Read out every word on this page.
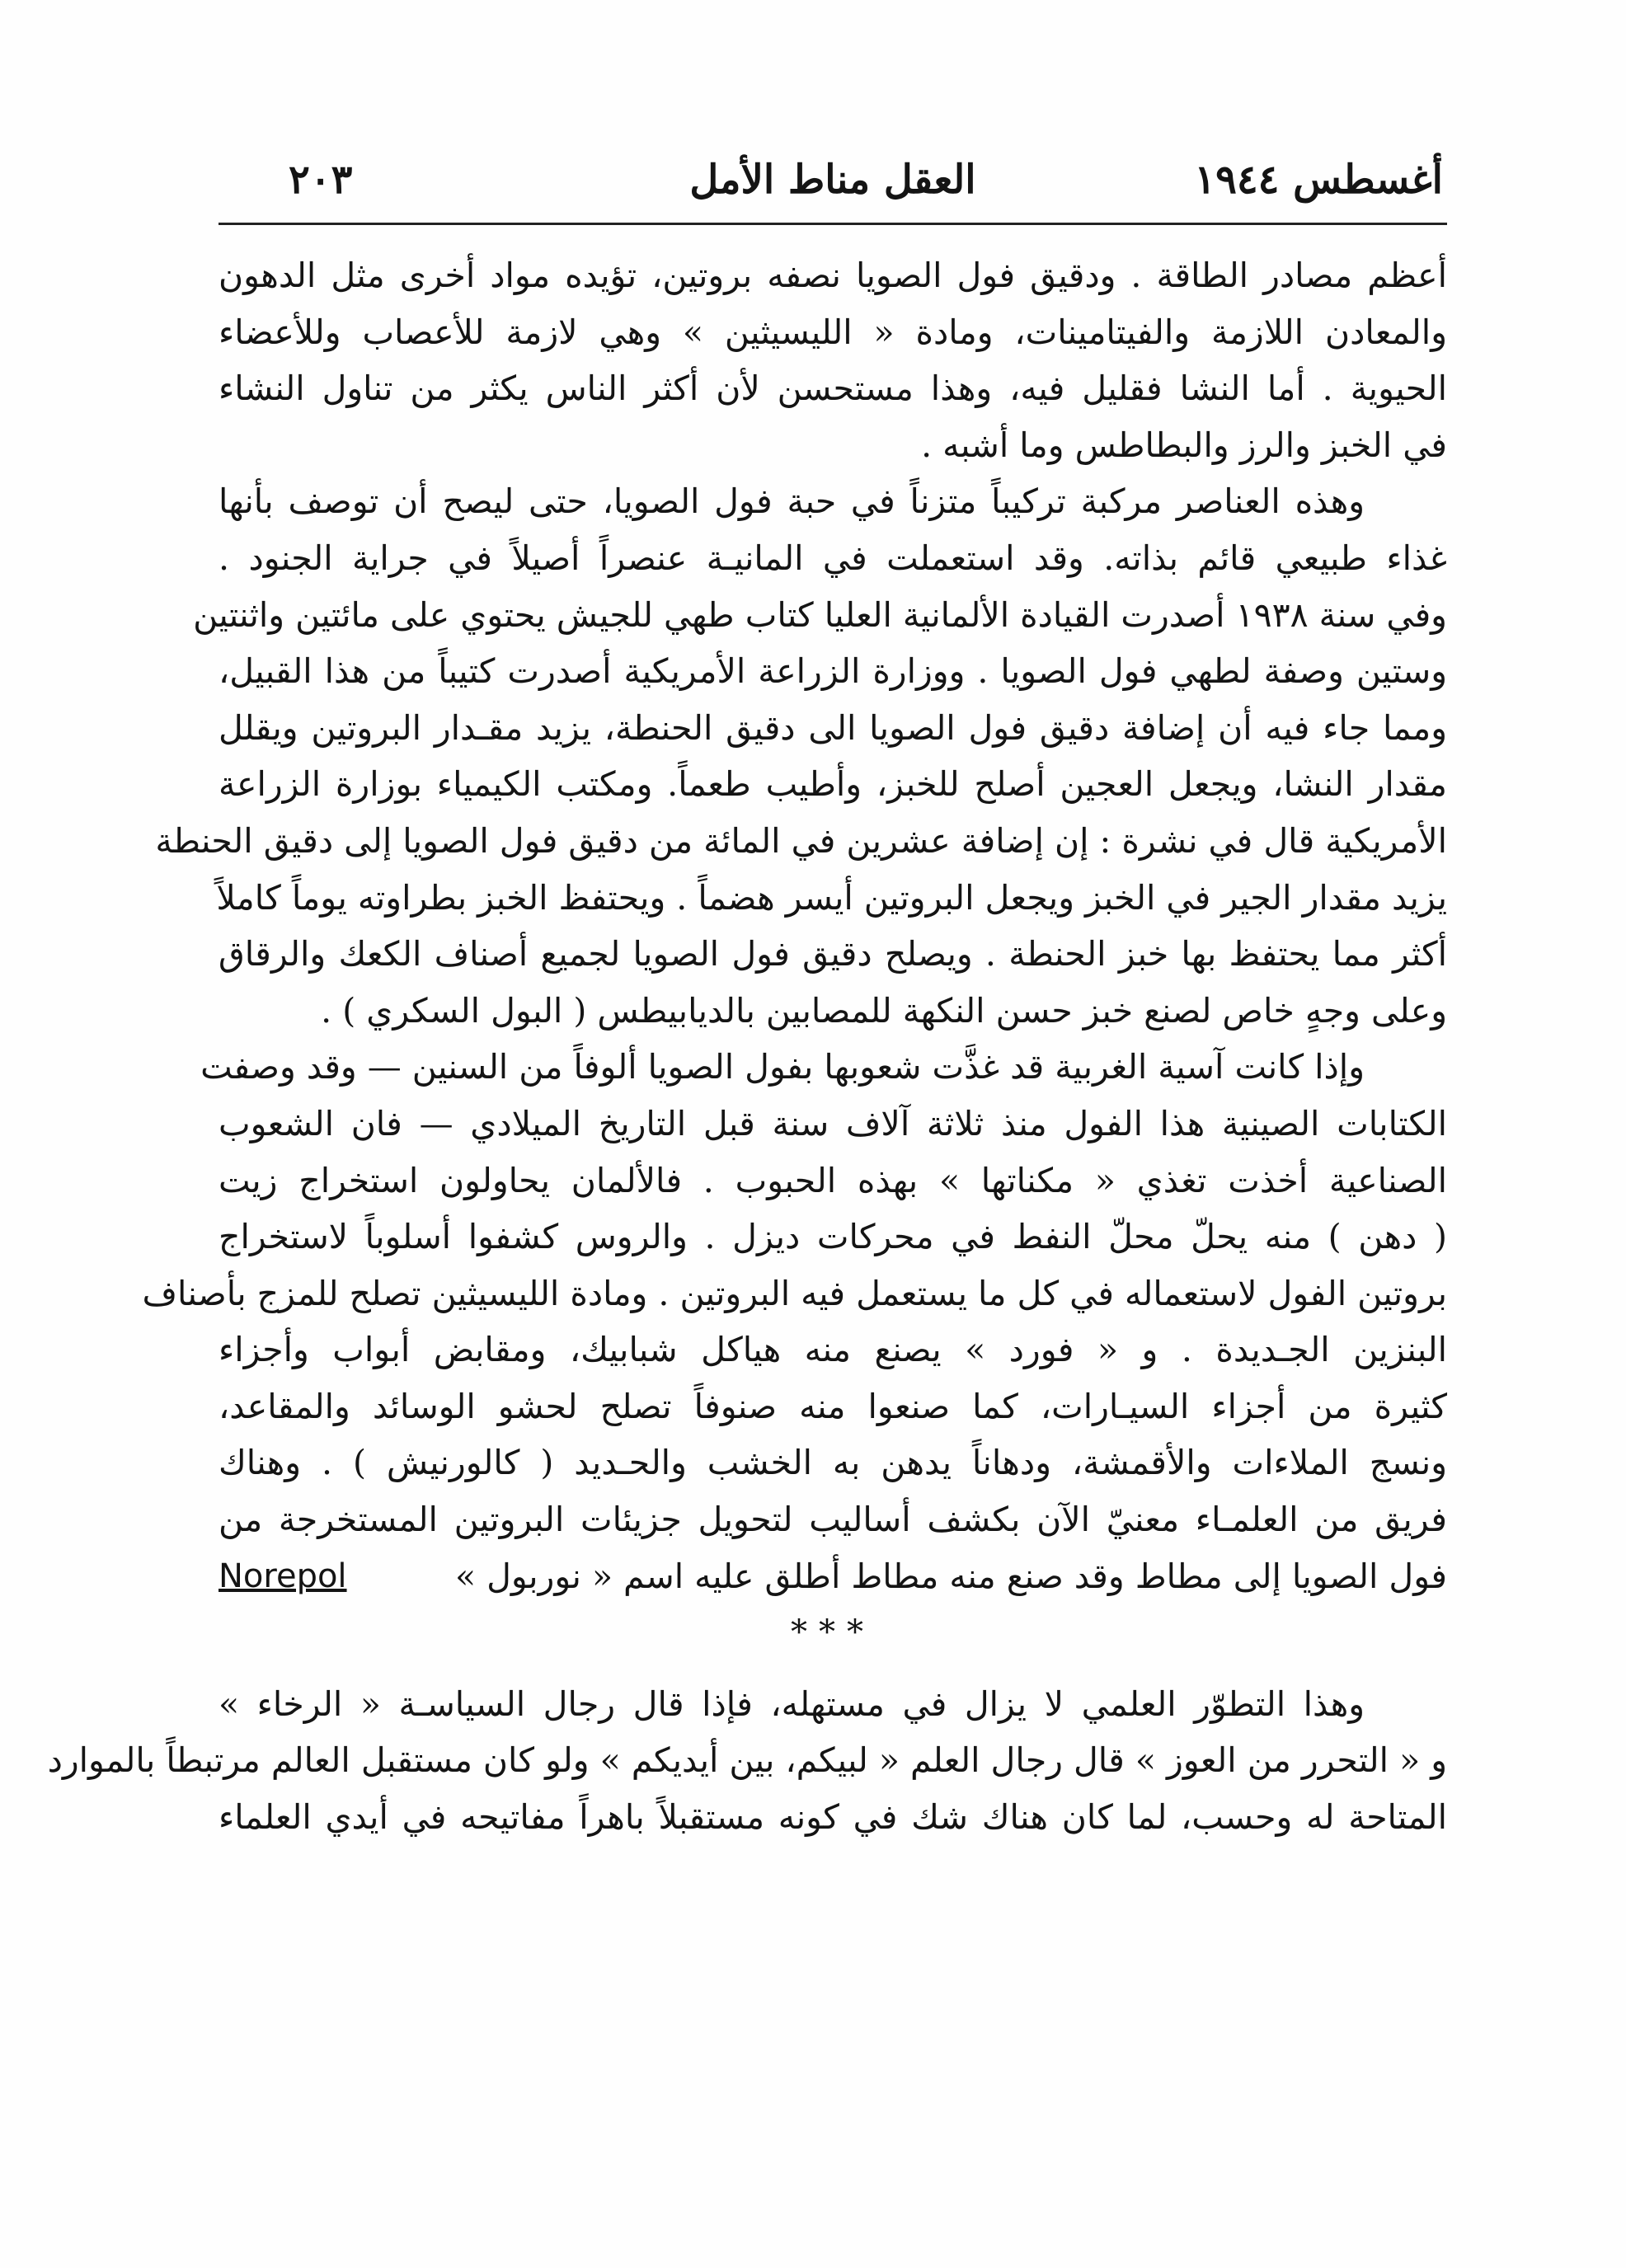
أغسطس ١٩٤٤
العقل مناط الأمل
٢٠٣
أعظم مصادر الطاقة . ودقيق فول الصويا نصفه بروتين، تؤيده مواد أخرى مثل الدهون
والمعادن اللازمة والفيتامينات، ومادة « الليسيثين » وهي لازمة للأعصاب وللأعضاء
الحيوية . أما النشا فقليل فيه، وهذا مستحسن لأن أكثر الناس يكثر من تناول النشاء
في الخبز والرز والبطاطس وما أشبه .
وهذه العناصر مركبة تركيباً متزناً في حبة فول الصويا، حتى ليصح أن توصف بأنها
غذاء طبيعي قائم بذاته. وقد استعملت في المانيـة عنصراً أصيلاً في جراية الجنود .
وفي سنة ١٩٣٨ أصدرت القيادة الألمانية العليا كتاب طهي للجيش يحتوي على مائتين واثنتين
وستين وصفة لطهي فول الصويا . ووزارة الزراعة الأمريكية أصدرت كتيباً من هذا القبيل،
ومما جاء فيه أن إضافة دقيق فول الصويا الى دقيق الحنطة، يزيد مقـدار البروتين ويقلل
مقدار النشا، ويجعل العجين أصلح للخبز، وأطيب طعماً. ومكتب الكيمياء بوزارة الزراعة
الأمريكية قال في نشرة : إن إضافة عشرين في المائة من دقيق فول الصويا إلى دقيق الحنطة
يزيد مقدار الجير في الخبز ويجعل البروتين أيسر هضماً . ويحتفظ الخبز بطراوته يوماً كاملاً
أكثر مما يحتفظ بها خبز الحنطة . ويصلح دقيق فول الصويا لجميع أصناف الكعك والرقاق
وعلى وجهٍ خاص لصنع خبز حسن النكهة للمصابين بالديابيطس ( البول السكري ) .
وإذا كانت آسية الغربية قد غذَّت شعوبها بفول الصويا ألوفاً من السنين — وقد وصفت
الكتابات الصينية هذا الفول منذ ثلاثة آلاف سنة قبل التاريخ الميلادي — فان الشعوب
الصناعية أخذت تغذي « مكناتها » بهذه الحبوب . فالألمان يحاولون استخراج زيت
( دهن ) منه يحلّ محلّ النفط في محركات ديزل . والروس كشفوا أسلوباً لاستخراج
بروتين الفول لاستعماله في كل ما يستعمل فيه البروتين . ومادة الليسيثين تصلح للمزج بأصناف
البنزين الجـديدة . و « فورد » يصنع منه هياكل شبابيك، ومقابض أبواب وأجزاء
كثيرة من أجزاء السيـارات، كما صنعوا منه صنوفاً تصلح لحشو الوسائد والمقاعد،
ونسج الملاءات والأقمشة، ودهاناً يدهن به الخشب والحـديد ( كالورنيش ) . وهناك
فريق من العلمـاء معنيّ الآن بكشف أساليب لتحويل جزيئات البروتين المستخرجة من
فول الصويا إلى مطاط وقد صنع منه مطاط أطلق عليه اسم « نوربول »
Norepol
***
وهذا التطوّر العلمي لا يزال في مستهله، فإذا قال رجال السياسـة « الرخاء »
و « التحرر من العوز » قال رجال العلم « لبيكم، بين أيديكم » ولو كان مستقبل العالم مرتبطاً بالموارد
المتاحة له وحسب، لما كان هناك شك في كونه مستقبلاً باهراً مفاتيحه في أيدي العلماء
